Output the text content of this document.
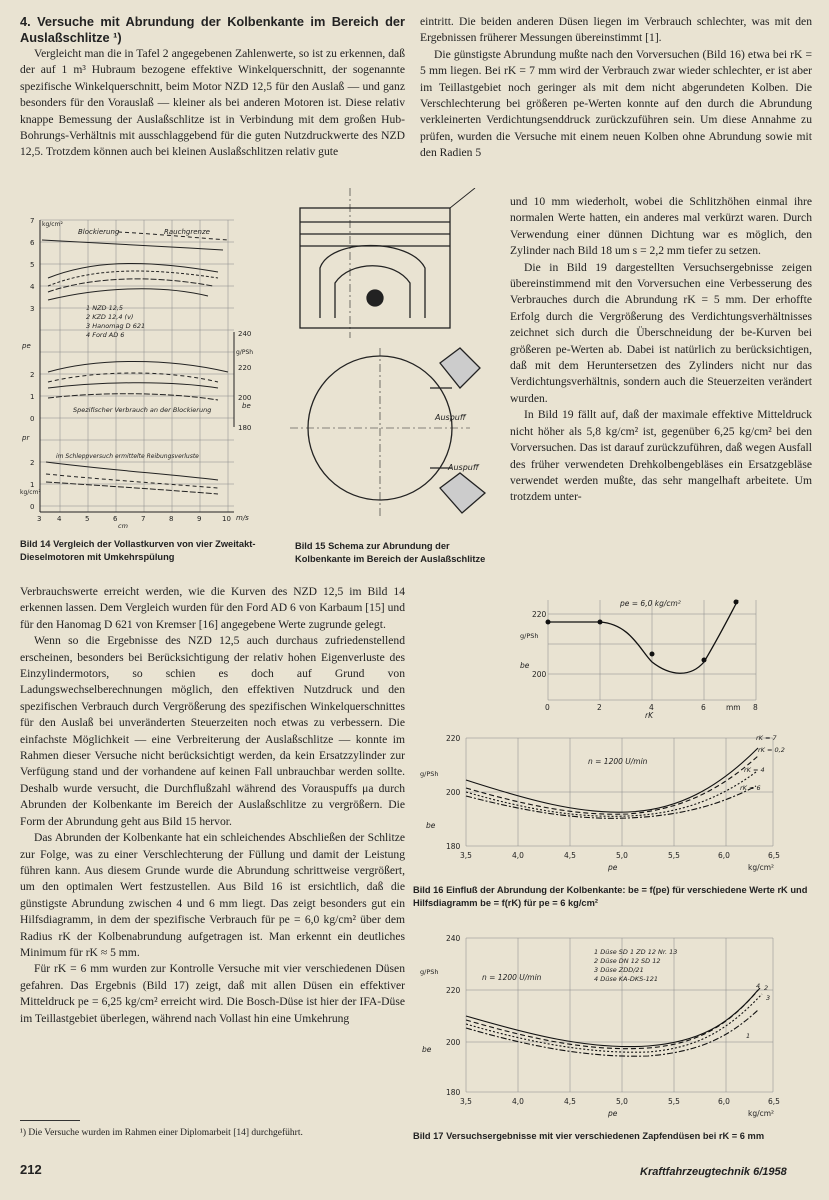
4. Versuche mit Abrundung der Kolbenkante im Bereich der Auslaßschlitze ¹)

Vergleicht man die in Tafel 2 angegebenen Zahlenwerte, so ist zu erkennen, daß der auf 1 m³ Hubraum bezogene effektive Winkelquerschnitt, der sogenannte spezifische Winkelquerschnitt, beim Motor NZD 12,5 für den Auslaß — und ganz besonders für den Vorauslaß — kleiner als bei anderen Motoren ist. Diese relativ knappe Bemessung der Auslaßschlitze ist in Verbindung mit dem großen Hub-Bohrungs-Verhältnis mit ausschlaggebend für die guten Nutzdruckwerte des NZD 12,5. Trotzdem können auch bei kleinen Auslaßschlitzen relativ gute

eintritt. Die beiden anderen Düsen liegen im Verbrauch schlechter, was mit den Ergebnissen früherer Messungen übereinstimmt [1].

Die günstigste Abrundung mußte nach den Vorversuchen (Bild 16) etwa bei rK = 5 mm liegen. Bei rK = 7 mm wird der Verbrauch zwar wieder schlechter, er ist aber im Teillastgebiet noch geringer als mit dem nicht abgerundeten Kolben. Die Verschlechterung bei größeren pe-Werten konnte auf den durch die Abrundung verkleinerten Verdichtungsenddruck zurückzuführen sein. Um diese Annahme zu prüfen, wurden die Versuche mit einem neuen Kolben ohne Abrundung sowie mit den Radien 5

und 10 mm wiederholt, wobei die Schlitzhöhen einmal ihre normalen Werte hatten, ein anderes mal verkürzt waren. Durch Verwendung einer dünnen Dichtung war es möglich, den Zylinder nach Bild 18 um s = 2,2 mm tiefer zu setzen.

Die in Bild 19 dargestellten Versuchsergebnisse zeigen übereinstimmend mit den Vorversuchen eine Verbesserung des Verbrauches durch die Abrundung rK = 5 mm. Der erhoffte Erfolg durch die Vergrößerung des Verdichtungsverhältnisses zeichnet sich durch die Überschneidung der be-Kurven bei größeren pe-Werten ab. Dabei ist natürlich zu berücksichtigen, daß mit dem Heruntersetzen des Zylinders nicht nur das Verdichtungsverhältnis, sondern auch die Steuerzeiten verändert wurden.

In Bild 19 fällt auf, daß der maximale effektive Mitteldruck nicht höher als 5,8 kg/cm² ist, gegenüber 6,25 kg/cm² bei den Vorversuchen. Das ist darauf zurückzuführen, daß wegen Ausfall des früher verwendeten Drehkolbengebläses ein Ersatzgebläse verwendet werden mußte, das sehr mangelhaft arbeitete. Um trotzdem unter-

Blockierung	Rauchgrenze
Spezifischer Verbrauch an der Blockierung
im Schleppversuch ermittelte Reibungsverluste
kg/cm²
kg/cm²
pe
pr
be
g/PSh
cm
m/s
1 NZD 12,5
2 KZD 12,4 (v)
3 Hanomag D 621
4 Ford AD 6
7
6
5
4
3
2
1
0
2
1
0
240
220
200
180
3 4	5	6	7	8	9	10
Bild 14 Vergleich der Vollastkurven von vier Zweitakt-Dieselmotoren mit Umkehrspülung
Auspuff
Auspuff
Bild 15 Schema zur Abrundung der Kolbenkante im Bereich der Auslaßschlitze

Verbrauchswerte erreicht werden, wie die Kurven des NZD 12,5 im Bild 14 erkennen lassen. Dem Vergleich wurden für den Ford AD 6 von Karbaum [15] und für den Hanomag D 621 von Kremser [16] angegebene Werte zugrunde gelegt.

Wenn so die Ergebnisse des NZD 12,5 auch durchaus zufriedenstellend erscheinen, besonders bei Berücksichtigung der relativ hohen Eigenverluste des Einzylindermotors, so schien es doch auf Grund von Ladungswechselberechnungen möglich, den effektiven Nutzdruck und den spezifischen Verbrauch durch Vergrößerung des spezifischen Winkelquerschnittes für den Auslaß bei unveränderten Steuerzeiten noch etwas zu verbessern. Die einfachste Möglichkeit — eine Verbreiterung der Auslaßschlitze — konnte im Rahmen dieser Versuche nicht berücksichtigt werden, da kein Ersatzzylinder zur Verfügung stand und der vorhandene auf keinen Fall unbrauchbar werden sollte. Deshalb wurde versucht, die Durchflußzahl während des Vorauspuffs μa durch Abrunden der Kolbenkante im Bereich der Auslaßschlitze zu vergrößern. Die Form der Abrundung geht aus Bild 15 hervor.

Das Abrunden der Kolbenkante hat ein schleichendes Abschließen der Schlitze zur Folge, was zu einer Verschlechterung der Füllung und damit der Leistung führen kann. Aus diesem Grunde wurde die Abrundung schrittweise vergrößert, um den optimalen Wert festzustellen. Aus Bild 16 ist ersichtlich, daß die günstigste Abrundung zwischen 4 und 6 mm liegt. Das zeigt besonders gut ein Hilfsdiagramm, in dem der spezifische Verbrauch für pe = 6,0 kg/cm² über dem Radius rK der Kolbenabrundung aufgetragen ist. Man erkennt ein deutliches Minimum für rK ≈ 5 mm.

Für rK = 6 mm wurden zur Kontrolle Versuche mit vier verschiedenen Düsen gefahren. Das Ergebnis (Bild 17) zeigt, daß mit allen Düsen ein effektiver Mitteldruck pe = 6,25 kg/cm² erreicht wird. Die Bosch-Düse ist hier der IFA-Düse im Teillastgebiet überlegen, während nach Vollast hin eine Umkehrung

pe = 6,0 kg/cm²
g/PSh
be
rK
mm
220
200
0	2	4	6	8
n = 1200 U/min
g/PSh
be
pe	kg/cm²
220
200
180
3,5	4,0	4,5	5,0	5,5	6,0	6,5
rK = 7
rK = 0,2
rK = 4
rK = 6
Bild 16 Einfluß der Abrundung der Kolbenkante: be = f(pe) für verschiedene Werte rK und Hilfsdiagramm be = f(rK) für pe = 6 kg/cm²
n = 1200 U/min
g/PSh
be
pe	kg/cm²
240
220
200
180
3,5	4,0	4,5	5,0	5,5	6,0	6,5
1 Düse SD 1 ZD 12 Nr. 13
2 Düse DN 12 SD 12
3 Düse ZDD/21
4 Düse KA-DKS-121
1
2
3
4
Bild 17 Versuchsergebnisse mit vier verschiedenen Zapfendüsen bei rK = 6 mm
¹) Die Versuche wurden im Rahmen einer Diplomarbeit [14] durchgeführt.
212	Kraftfahrzeugtechnik 6/1958
